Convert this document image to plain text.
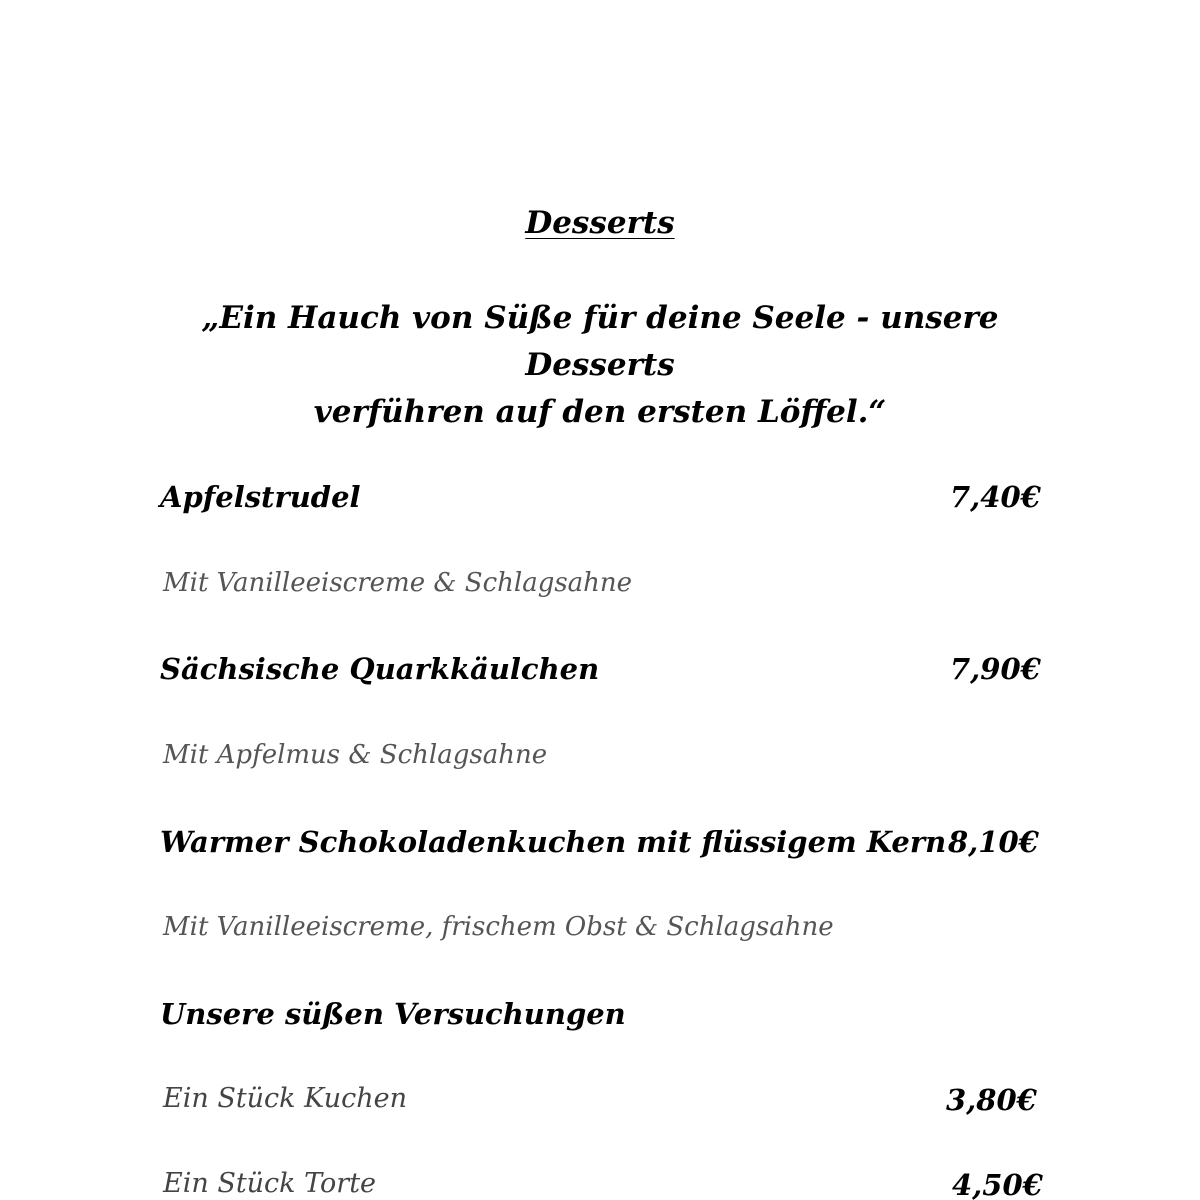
Desserts
„Ein Hauch von Süße für deine Seele - unsere Desserts
verführen auf den ersten Löffel.“
Apfelstrudel	7,40€
Mit Vanilleeiscreme & Schlagsahne
Sächsische Quarkkäulchen	7,90€
Mit Apfelmus & Schlagsahne
Warmer Schokoladenkuchen mit flüssigem Kern 8,10€
Mit Vanilleeiscreme, frischem Obst & Schlagsahne
Unsere süßen Versuchungen
Ein Stück Kuchen	3,80€
Ein Stück Torte	4,50€
